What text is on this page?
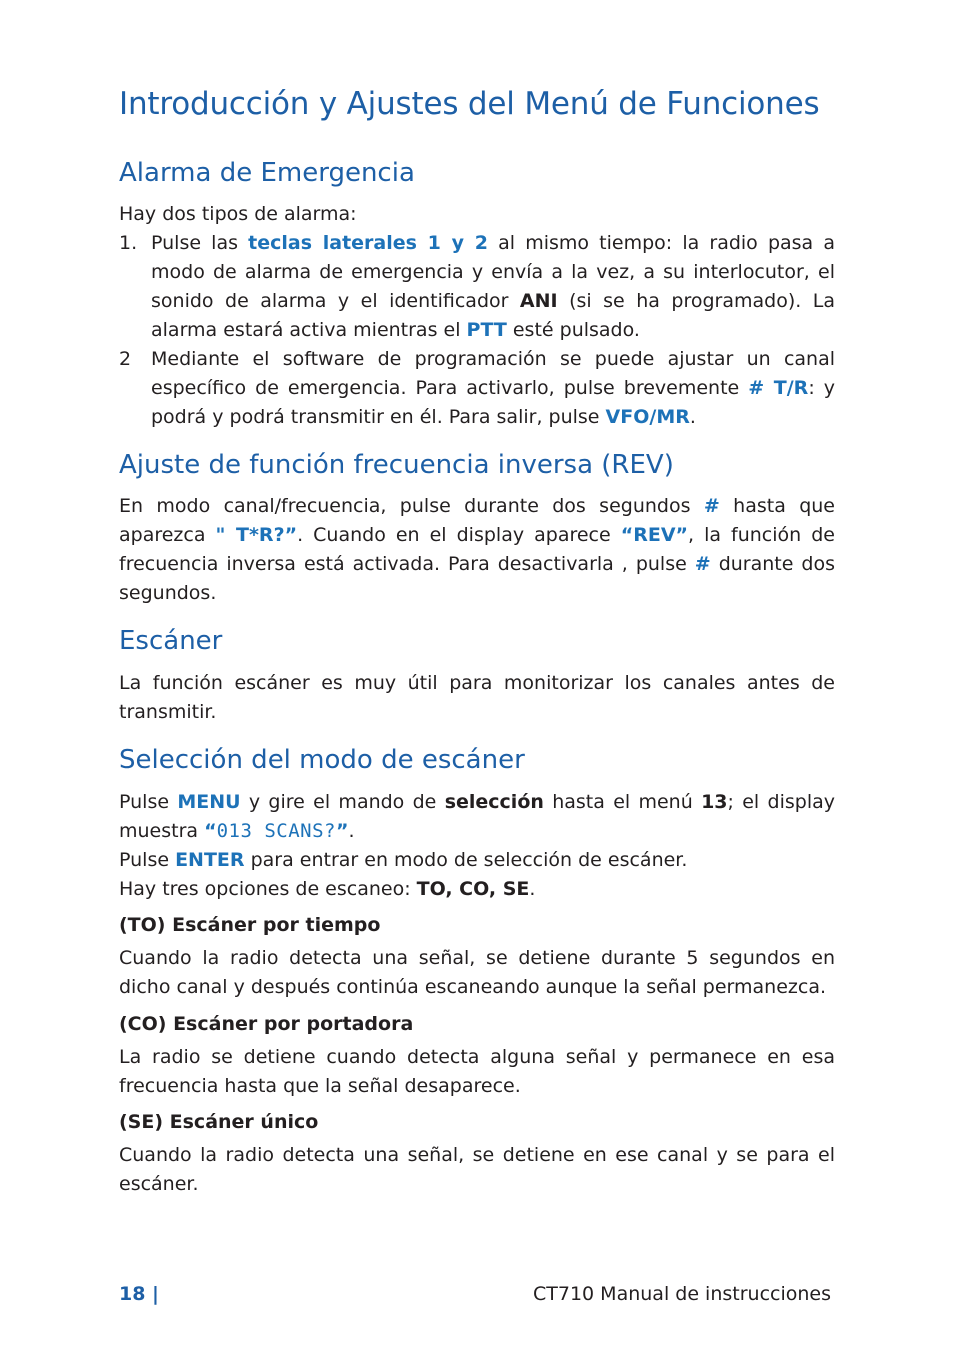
Introducción y Ajustes del Menú de Funciones
Alarma de Emergencia

Hay dos tipos de alarma:

1. Pulse las teclas laterales 1 y 2 al mismo tiempo: la radio pasa a modo de alarma de emergencia y envía a la vez, a su interlocutor, el sonido de alarma y el identificador ANI (si se ha programado). La alarma estará activa mientras el PTT esté pulsado.
2 Mediante el software de programación se puede ajustar un canal específico de emergencia. Para activarlo, pulse brevemente # T/R: y podrá y podrá transmitir en él. Para salir, pulse VFO/MR.
Ajuste de función frecuencia inversa (REV)

En modo canal/frecuencia, pulse durante dos segundos # hasta que aparezca " T*R?”. Cuando en el display aparece “REV”, la función de frecuencia inversa está activada. Para desactivarla , pulse # durante dos segundos.

Escáner

La función escáner es muy útil para monitorizar los canales antes de transmitir.

Selección del modo de escáner

Pulse MENU y gire el mando de selección hasta el menú 13; el display muestra “013 SCANS?”.

Pulse ENTER para entrar en modo de selección de escáner.

Hay tres opciones de escaneo: TO, CO, SE.

(TO) Escáner por tiempo

Cuando la radio detecta una señal, se detiene durante 5 segundos en dicho canal y después continúa escaneando aunque la señal permanezca.

(CO) Escáner por portadora

La radio se detiene cuando detecta alguna señal y permanece en esa frecuencia hasta que la señal desaparece.

(SE) Escáner único

Cuando la radio detecta una señal, se detiene en ese canal y se para el escáner.

18 |	CT710 Manual de instrucciones
